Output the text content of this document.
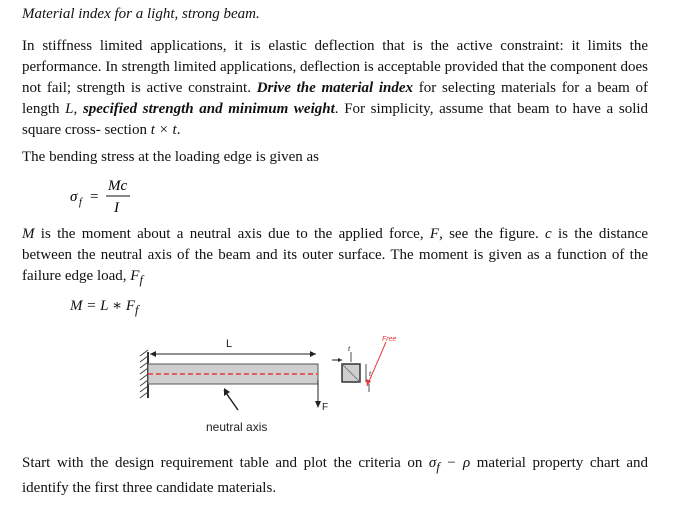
Material index for a light, strong beam.

In stiffness limited applications, it is elastic deflection that is the active constraint: it limits the performance. In strength limited applications, deflection is acceptable provided that the component does not fail; strength is active constraint. Drive the material index for selecting materials for a beam of length L, specified strength and minimum weight. For simplicity, assume that beam to have a solid square cross- section t × t.

The bending stress at the loading edge is given as

σ f =
Mc
I

M is the moment about a neutral axis due to the applied force, F, see the figure. c is the distance between the neutral axis of the beam and its outer surface. The moment is given as a function of the failure edge load, $F_f$

M = L ∗ $F_f$
L
F
t
t
Free
neutral axis

Start with the design requirement table and plot the criteria on $\sigma_f - \rho$ material property chart and identify the first three candidate materials.
